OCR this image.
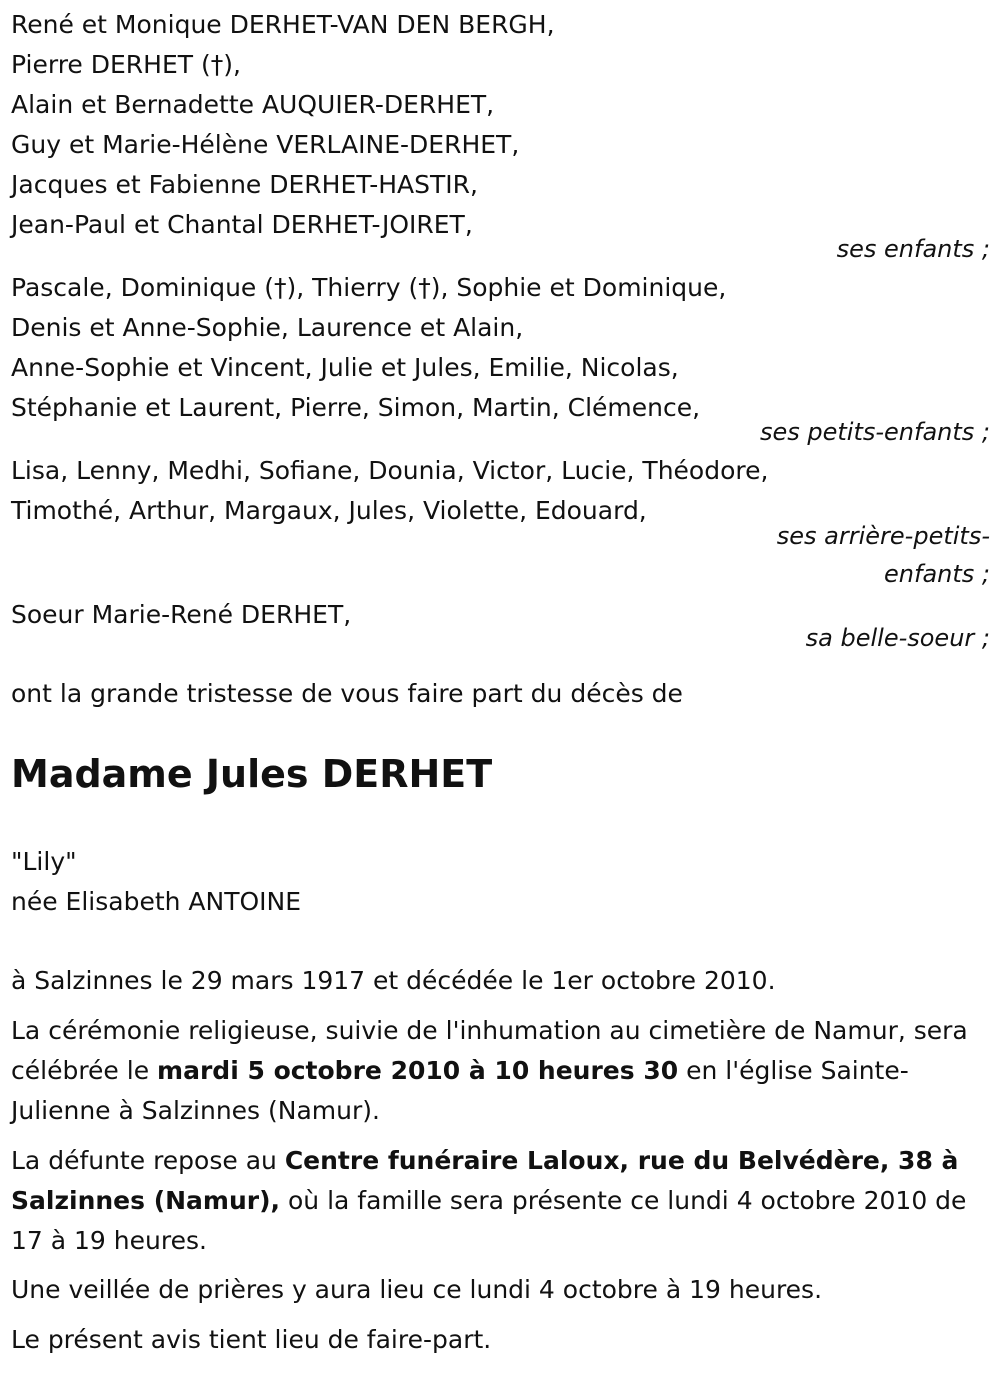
René et Monique DERHET-VAN DEN BERGH,
Pierre DERHET (†),
Alain et Bernadette AUQUIER-DERHET,
Guy et Marie-Hélène VERLAINE-DERHET,
Jacques et Fabienne DERHET-HASTIR,
Jean-Paul et Chantal DERHET-JOIRET,
ses enfants ;
Pascale, Dominique (†), Thierry (†), Sophie et Dominique,
Denis et Anne-Sophie, Laurence et Alain,
Anne-Sophie et Vincent, Julie et Jules, Emilie, Nicolas,
Stéphanie et Laurent, Pierre, Simon, Martin, Clémence,
ses petits-enfants ;
Lisa, Lenny, Medhi, Sofiane, Dounia, Victor, Lucie, Théodore,
Timothé, Arthur, Margaux, Jules, Violette, Edouard,
ses arrière-petits-
enfants ;
Soeur Marie-René DERHET,
sa belle-soeur ;
ont la grande tristesse de vous faire part du décès de
Madame Jules DERHET
"Lily"
née Elisabeth ANTOINE
à Salzinnes le 29 mars 1917 et décédée le 1er octobre 2010.
La cérémonie religieuse, suivie de l'inhumation au cimetière de Namur, sera célébrée le mardi 5 octobre 2010 à 10 heures 30 en l'église Sainte-Julienne à Salzinnes (Namur).
La défunte repose au Centre funéraire Laloux, rue du Belvédère, 38 à Salzinnes (Namur), où la famille sera présente ce lundi 4 octobre 2010 de 17 à 19 heures.
Une veillée de prières y aura lieu ce lundi 4 octobre à 19 heures.
Le présent avis tient lieu de faire-part.
